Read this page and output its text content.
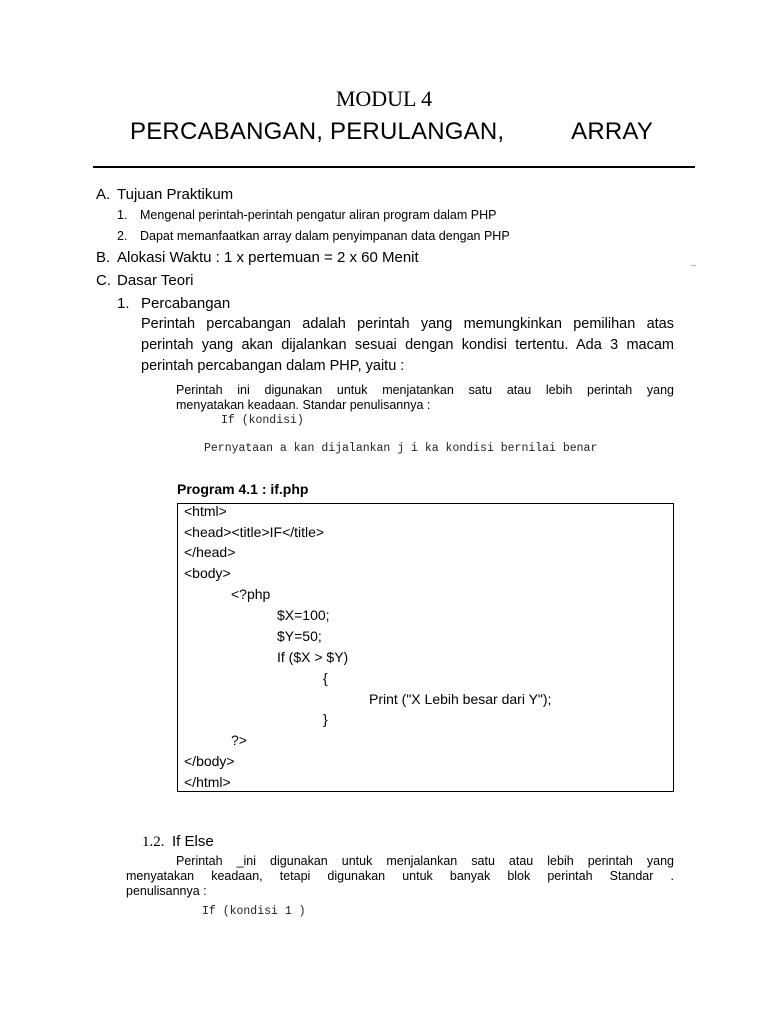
MODUL 4
PERCABANGAN, PERULANGAN,	ARRAY
A. Tujuan Praktikum
1. Mengenal perintah-perintah pengatur aliran program dalam PHP
2. Dapat memanfaatkan array dalam penyimpanan data dengan PHP
B. Alokasi Waktu : 1 x pertemuan = 2 x 60 Menit	→
C. Dasar Teori
1. Percabangan
Perintah percabangan adalah perintah yang memungkinkan pemilihan atas
perintah yang akan dijalankan sesuai dengan kondisi tertentu. Ada 3 macam
perintah percabangan dalam PHP, yaitu :
Perintah ini digunakan untuk menjatankan satu atau lebih perintah yang
menyatakan keadaan. Standar penulisannya :
If (kondisi)
Pernyataan a kan dijalankan j i ka kondisi bernilai benar
Program 4.1 : if.php
<html>
<head><title>IF</title>
</head>
<body>
<?php
$X=100;
$Y=50;
If ($X > $Y)
{
Print ("X Lebih besar dari Y");
}
?>
</body>
</html>
1.2. If Else
Perintah _ini digunakan untuk menjalankan satu atau lebih perintah yang
menyatakan keadaan, tetapi digunakan untuk banyak blok perintah Standar .
penulisannya :
If (kondisi 1 )
